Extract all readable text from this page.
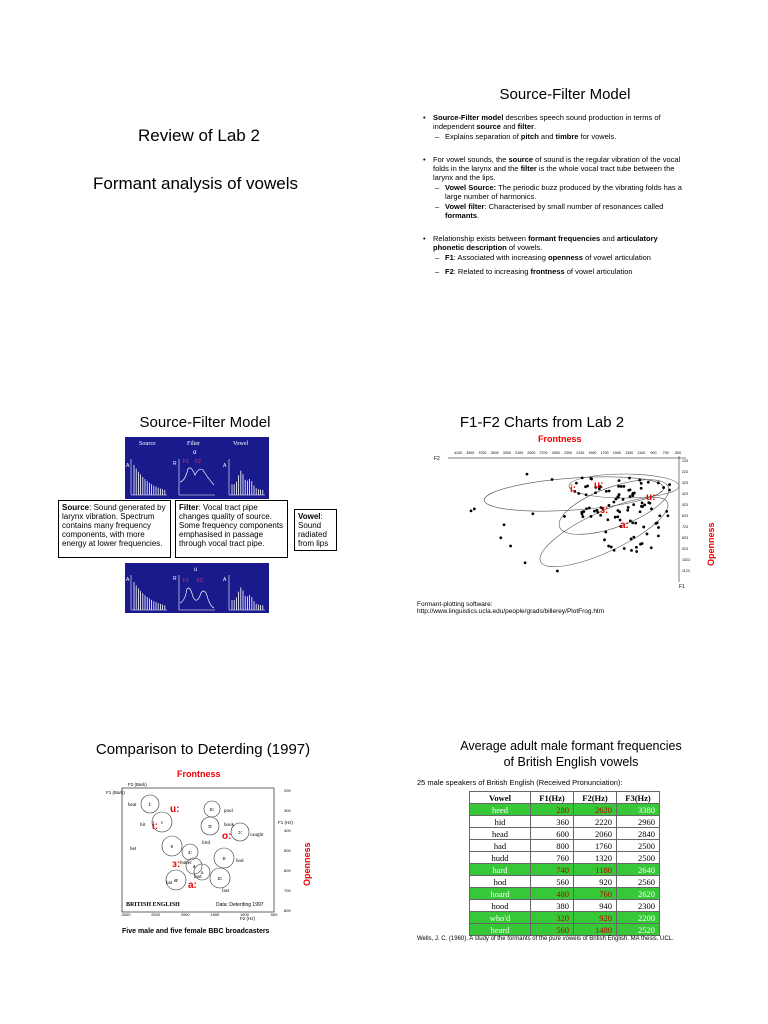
Review of Lab 2
Formant analysis of vowels
Source-Filter Model
• Source-Filter model describes speech sound production in terms of independent source and filter.
– Explains separation of pitch and timbre for vowels.
• For vowel sounds, the source of sound is the regular vibration of the vocal folds in the larynx and the filter is the whole vocal tract tube between the larynx and the lips.
– Vowel Source: The periodic buzz produced by the vibrating folds has a large number of harmonics.
– Vowel filter: Characterised by small number of resonances called formants.
• Relationship exists between formant frequencies and articulatory phonetic description of vowels.
– F1: Associated with increasing openness of vowel articulation
– F2: Related to increasing frontness of vowel articulation
Source-Filter Model
Source	Filter	Vowel
α
A	R F1 F2
A
Source: Sound generated by larynx vibration. Spectrum contains many frequency components, with more energy at lower frequencies.
Filter: Vocal tract pipe changes quality of source. Some frequency components emphasised in passage through vocal tract pipe.
Vowel: Sound radiated from lips
u
A	R F1 F2	A
F1-F2 Charts from Lab 2
Frontness
F2
F1
4100 3900 3700 3500 3300 3100 2900 2700 2500 2300 2100 1900 1700 1500 1300 1100 900 700 500
123
223
323
423
523
623
723
823
923
1023
1123
i: u:
ɜ:
a:
u:
Openness
Formant-plotting software:
http://www.linguistics.ucla.edu/people/grads/billerey/PlotFrog.htm
Comparison to Deterding (1997)
Frontness
F2 (Bark)
F1 (Bark)
F1 (Hz)
3000	2500	2000	1500	1000	500
200
300
400
500
600
700
800
i:
beat
ɪ
bit
u: pool
ʊ book
ɔ: caught
e
bet
ɜ:
bird
ɒ hod
ə
butter
æ
bat
ɑ:
fast
ʌ
bud
u:
i:
o:
ɜ:
a:
BRITISH ENGLISH	Data: Deterding 1997
F2 (Hz)
Openness
Five male and five female BBC broadcasters
Average adult male formant frequencies
of British English vowels
25 male speakers of British English (Received Pronunciation):
Vowel	F1(Hz)	F2(Hz)	F3(Hz)
heed	280	2620	3380
hid	360	2220	2960
head	600	2060	2840
had	800	1760	2500
hudd	760	1320	2500
hard	740	1180	2640
hod	560	920	2560
hoard	480	760	2620
hood	380	940	2300
who'd	320	920	2200
heard	560	1480	2520
Wells, J. C. (1960). A study of the formants of the pure vowels of British English. MA thesis. UCL.
